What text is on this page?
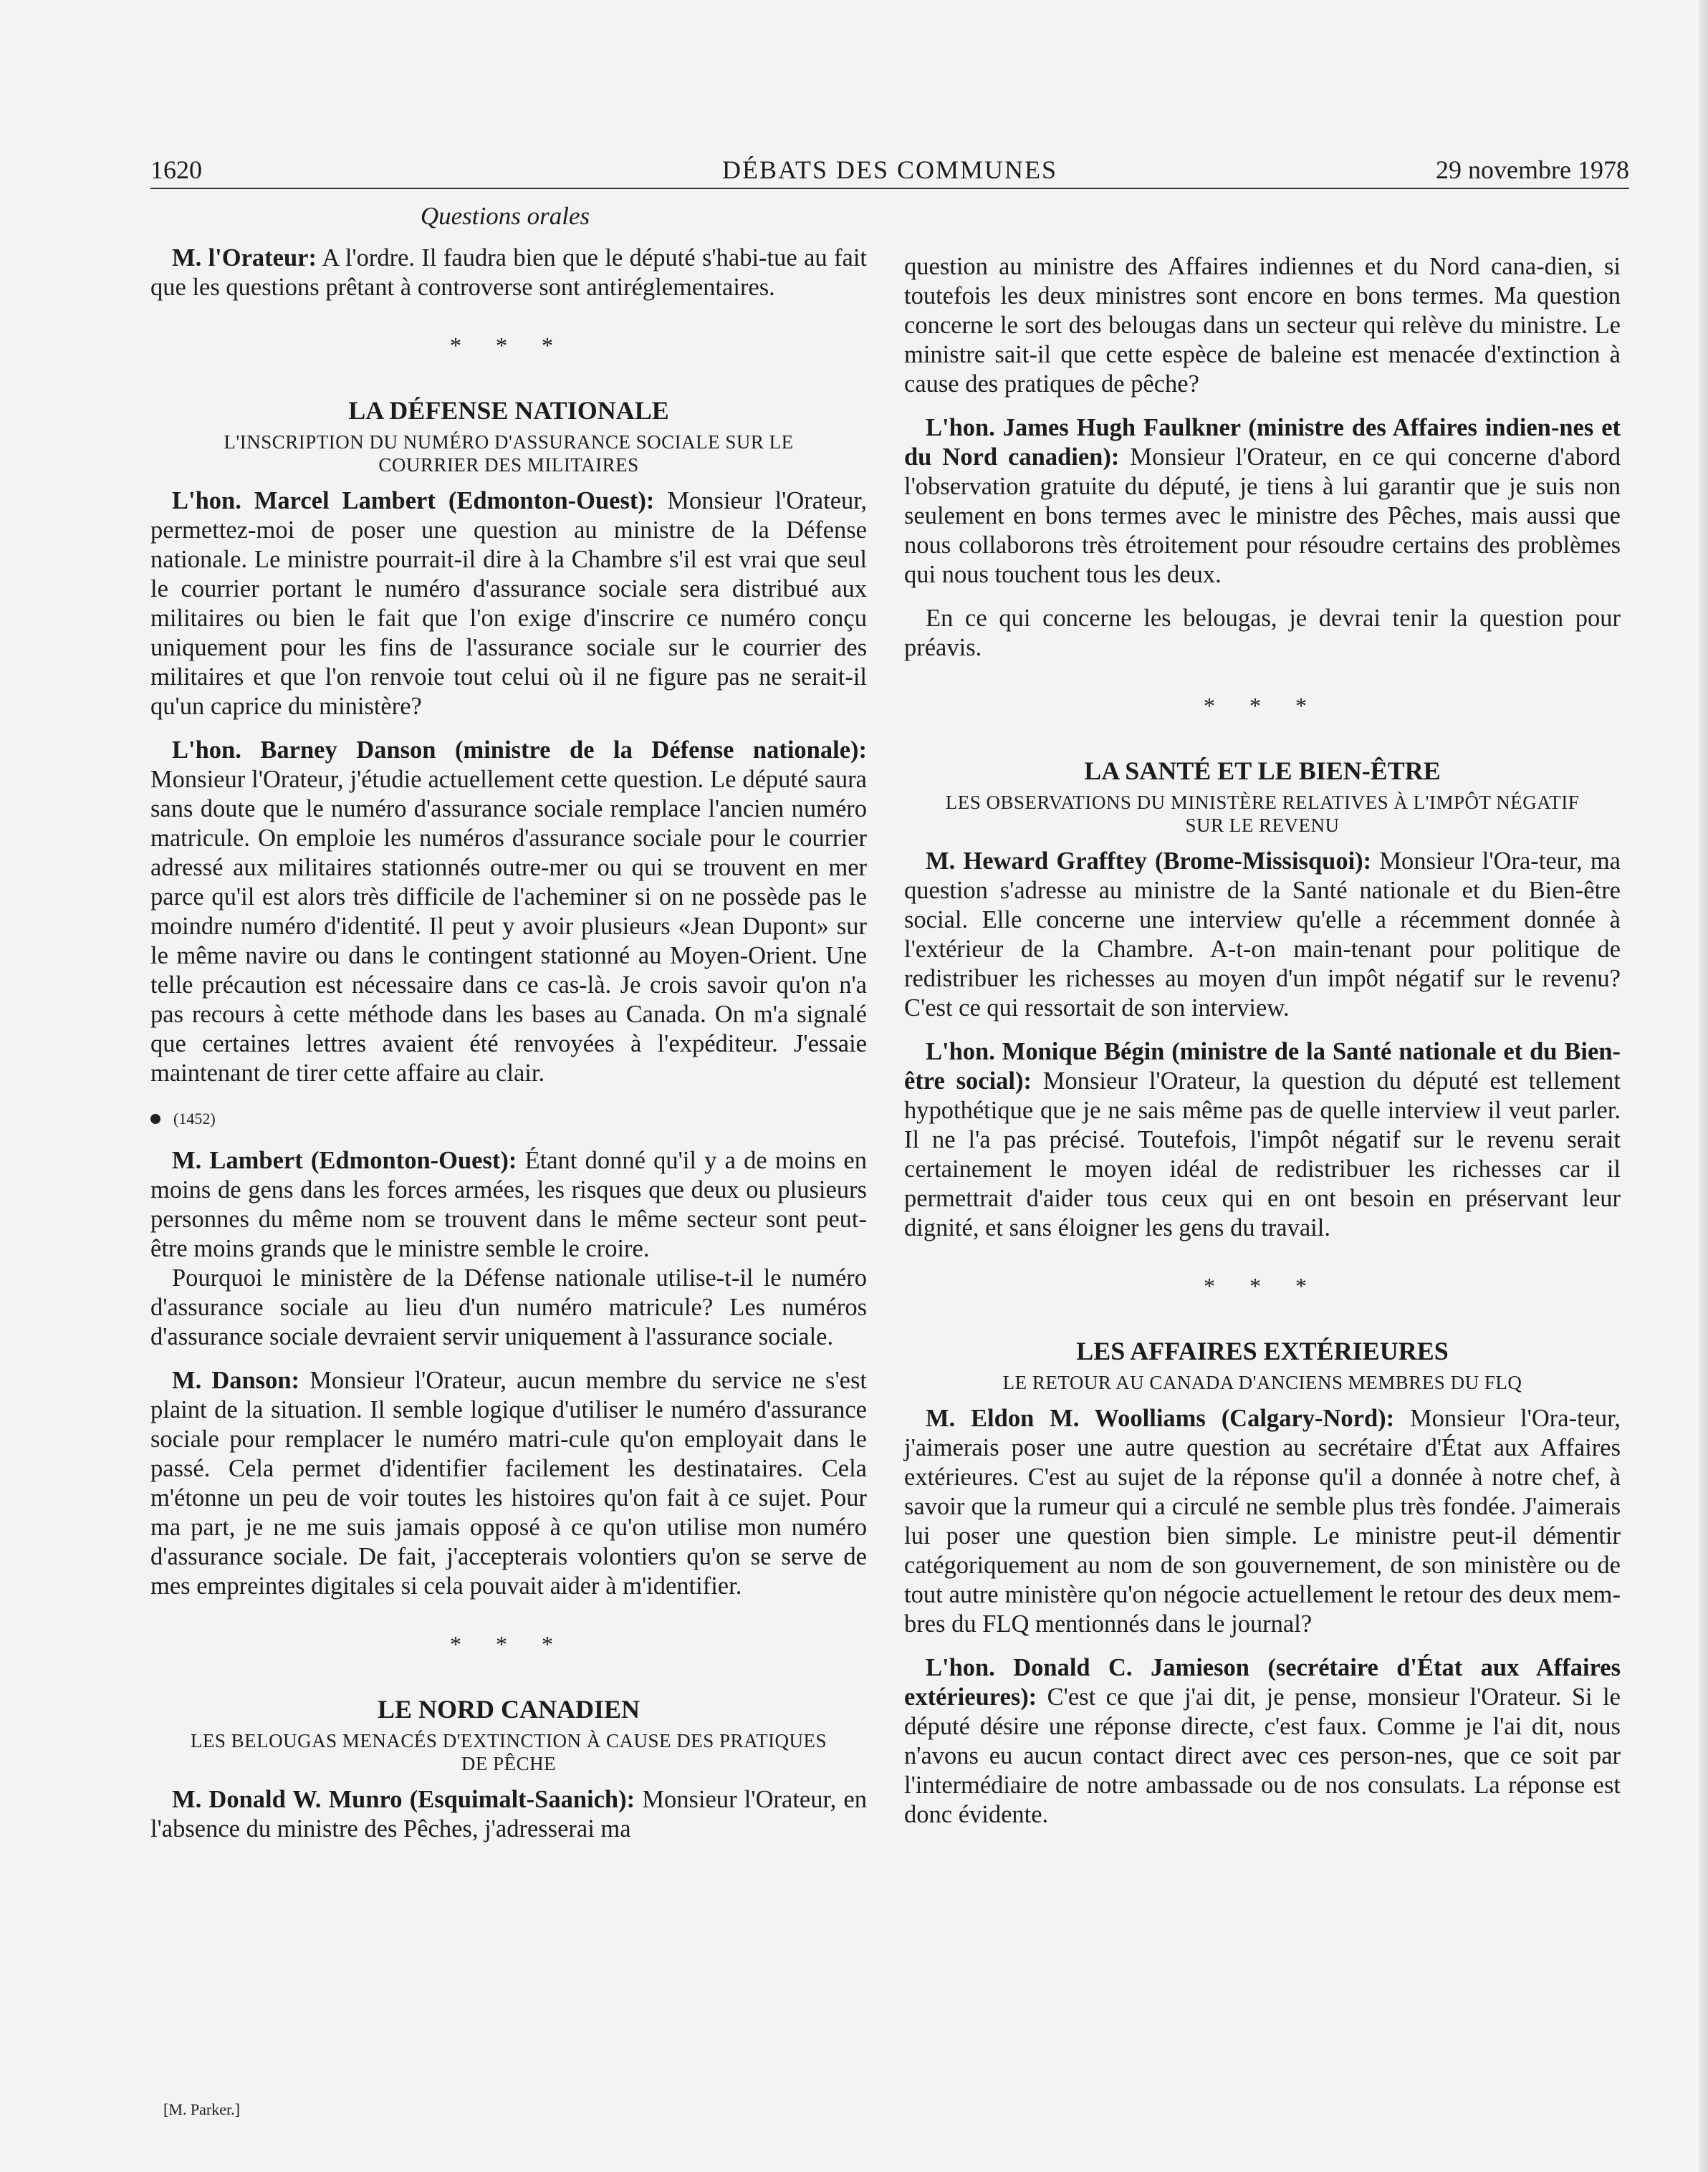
1620	DÉBATS DES COMMUNES	29 novembre 1978
Questions orales

M. l'Orateur: A l'ordre. Il faudra bien que le député s'habi-tue au fait que les questions prêtant à controverse sont antiréglementaires.

* * *
LA DÉFENSE NATIONALE
L'INSCRIPTION DU NUMÉRO D'ASSURANCE SOCIALE SUR LE COURRIER DES MILITAIRES

L'hon. Marcel Lambert (Edmonton-Ouest): Monsieur l'Orateur, permettez-moi de poser une question au ministre de la Défense nationale. Le ministre pourrait-il dire à la Chambre s'il est vrai que seul le courrier portant le numéro d'assurance sociale sera distribué aux militaires ou bien le fait que l'on exige d'inscrire ce numéro conçu uniquement pour les fins de l'assurance sociale sur le courrier des militaires et que l'on renvoie tout celui où il ne figure pas ne serait-il qu'un caprice du ministère?

L'hon. Barney Danson (ministre de la Défense nationale): Monsieur l'Orateur, j'étudie actuellement cette question. Le député saura sans doute que le numéro d'assurance sociale remplace l'ancien numéro matricule. On emploie les numéros d'assurance sociale pour le courrier adressé aux militaires stationnés outre-mer ou qui se trouvent en mer parce qu'il est alors très difficile de l'acheminer si on ne possède pas le moindre numéro d'identité. Il peut y avoir plusieurs «Jean Dupont» sur le même navire ou dans le contingent stationné au Moyen-Orient. Une telle précaution est nécessaire dans ce cas-là. Je crois savoir qu'on n'a pas recours à cette méthode dans les bases au Canada. On m'a signalé que certaines lettres avaient été renvoyées à l'expéditeur. J'essaie maintenant de tirer cette affaire au clair.

(1452)

M. Lambert (Edmonton-Ouest): Étant donné qu'il y a de moins en moins de gens dans les forces armées, les risques que deux ou plusieurs personnes du même nom se trouvent dans le même secteur sont peut-être moins grands que le ministre semble le croire.

Pourquoi le ministère de la Défense nationale utilise-t-il le numéro d'assurance sociale au lieu d'un numéro matricule? Les numéros d'assurance sociale devraient servir uniquement à l'assurance sociale.

M. Danson: Monsieur l'Orateur, aucun membre du service ne s'est plaint de la situation. Il semble logique d'utiliser le numéro d'assurance sociale pour remplacer le numéro matri-cule qu'on employait dans le passé. Cela permet d'identifier facilement les destinataires. Cela m'étonne un peu de voir toutes les histoires qu'on fait à ce sujet. Pour ma part, je ne me suis jamais opposé à ce qu'on utilise mon numéro d'assurance sociale. De fait, j'accepterais volontiers qu'on se serve de mes empreintes digitales si cela pouvait aider à m'identifier.

* * *
LE NORD CANADIEN
LES BELOUGAS MENACÉS D'EXTINCTION À CAUSE DES PRATIQUES DE PÊCHE

M. Donald W. Munro (Esquimalt-Saanich): Monsieur l'Orateur, en l'absence du ministre des Pêches, j'adresserai ma

question au ministre des Affaires indiennes et du Nord cana-dien, si toutefois les deux ministres sont encore en bons termes. Ma question concerne le sort des belougas dans un secteur qui relève du ministre. Le ministre sait-il que cette espèce de baleine est menacée d'extinction à cause des pratiques de pêche?

L'hon. James Hugh Faulkner (ministre des Affaires indien-nes et du Nord canadien): Monsieur l'Orateur, en ce qui concerne d'abord l'observation gratuite du député, je tiens à lui garantir que je suis non seulement en bons termes avec le ministre des Pêches, mais aussi que nous collaborons très étroitement pour résoudre certains des problèmes qui nous touchent tous les deux.

En ce qui concerne les belougas, je devrai tenir la question pour préavis.

* * *
LA SANTÉ ET LE BIEN-ÊTRE
LES OBSERVATIONS DU MINISTÈRE RELATIVES À L'IMPÔT NÉGATIF SUR LE REVENU

M. Heward Grafftey (Brome-Missisquoi): Monsieur l'Ora-teur, ma question s'adresse au ministre de la Santé nationale et du Bien-être social. Elle concerne une interview qu'elle a récemment donnée à l'extérieur de la Chambre. A-t-on main-tenant pour politique de redistribuer les richesses au moyen d'un impôt négatif sur le revenu? C'est ce qui ressortait de son interview.

L'hon. Monique Bégin (ministre de la Santé nationale et du Bien-être social): Monsieur l'Orateur, la question du député est tellement hypothétique que je ne sais même pas de quelle interview il veut parler. Il ne l'a pas précisé. Toutefois, l'impôt négatif sur le revenu serait certainement le moyen idéal de redistribuer les richesses car il permettrait d'aider tous ceux qui en ont besoin en préservant leur dignité, et sans éloigner les gens du travail.

* * *
LES AFFAIRES EXTÉRIEURES
LE RETOUR AU CANADA D'ANCIENS MEMBRES DU FLQ

M. Eldon M. Woolliams (Calgary-Nord): Monsieur l'Ora-teur, j'aimerais poser une autre question au secrétaire d'État aux Affaires extérieures. C'est au sujet de la réponse qu'il a donnée à notre chef, à savoir que la rumeur qui a circulé ne semble plus très fondée. J'aimerais lui poser une question bien simple. Le ministre peut-il démentir catégoriquement au nom de son gouvernement, de son ministère ou de tout autre ministère qu'on négocie actuellement le retour des deux mem-bres du FLQ mentionnés dans le journal?

L'hon. Donald C. Jamieson (secrétaire d'État aux Affaires extérieures): C'est ce que j'ai dit, je pense, monsieur l'Orateur. Si le député désire une réponse directe, c'est faux. Comme je l'ai dit, nous n'avons eu aucun contact direct avec ces person-nes, que ce soit par l'intermédiaire de notre ambassade ou de nos consulats. La réponse est donc évidente.

[M. Parker.]
